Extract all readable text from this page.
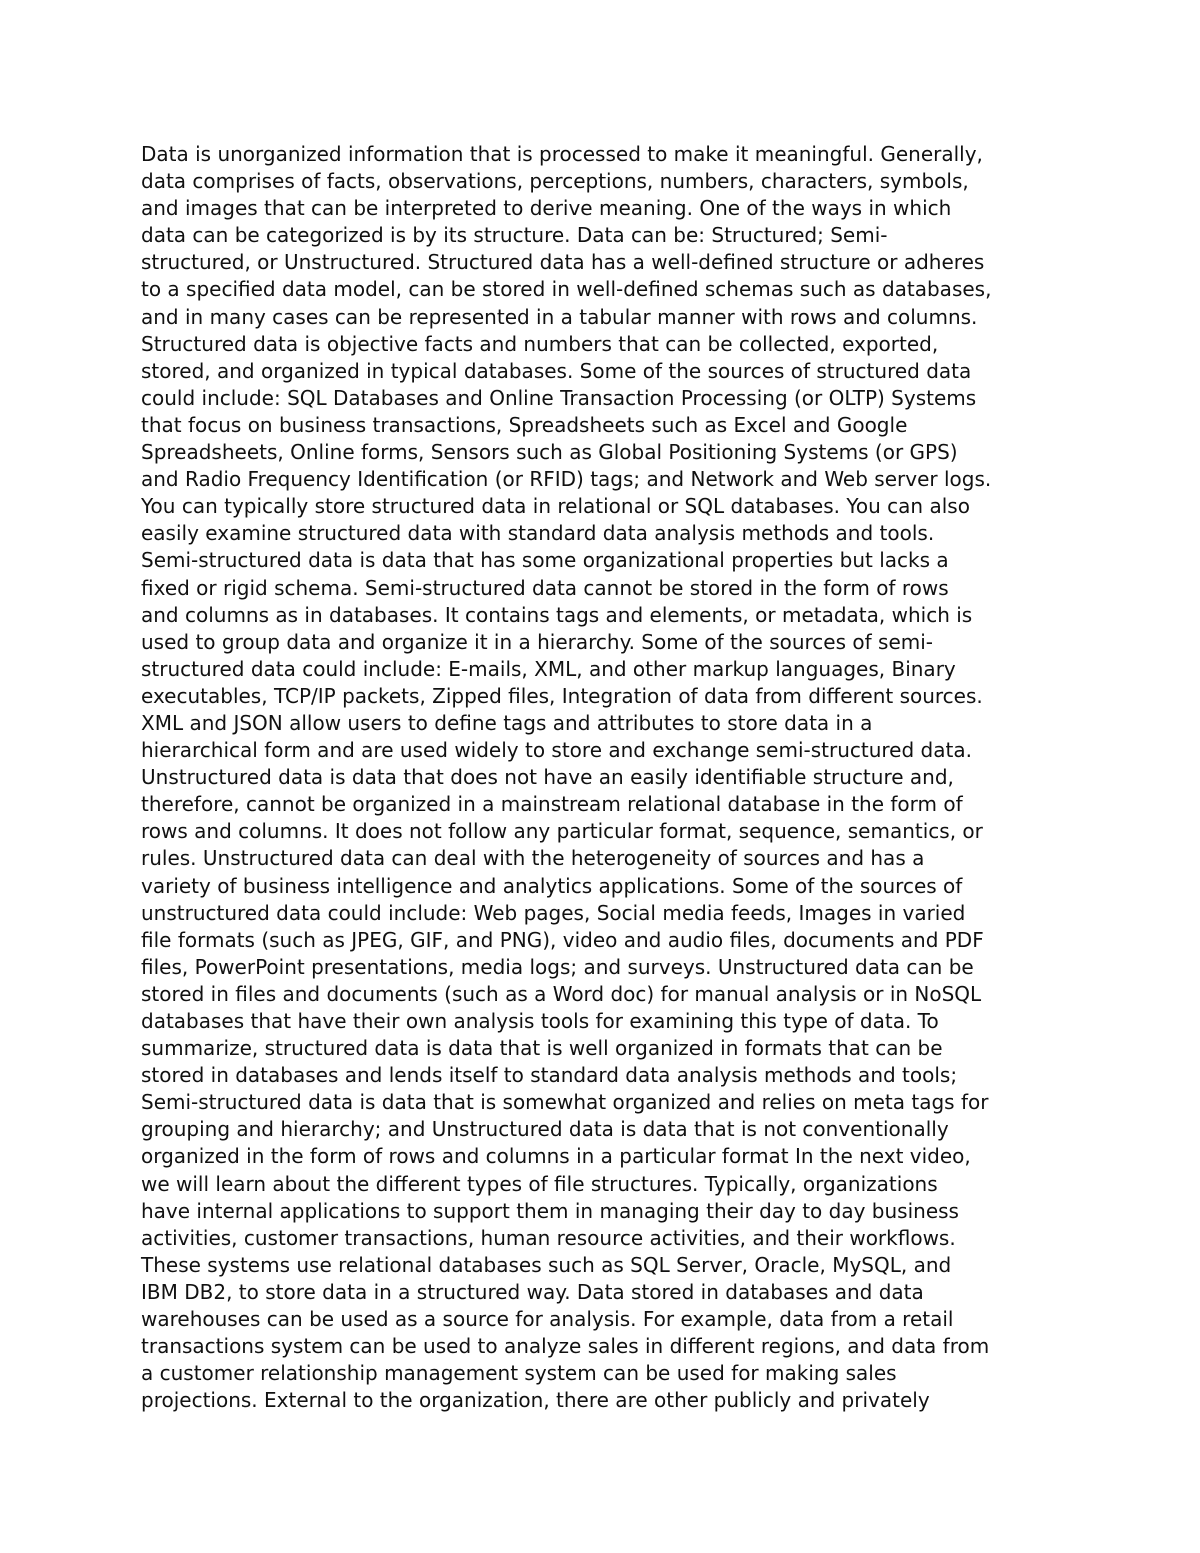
Data is unorganized information that is processed to make it meaningful. Generally,
data comprises of facts, observations, perceptions, numbers, characters, symbols,
and images that can be interpreted to derive meaning. One of the ways in which
data can be categorized is by its structure. Data can be: Structured; Semi-
structured, or Unstructured. Structured data has a well-defined structure or adheres
to a specified data model, can be stored in well-defined schemas such as databases,
and in many cases can be represented in a tabular manner with rows and columns.
Structured data is objective facts and numbers that can be collected, exported,
stored, and organized in typical databases. Some of the sources of structured data
could include: SQL Databases and Online Transaction Processing (or OLTP) Systems
that focus on business transactions, Spreadsheets such as Excel and Google
Spreadsheets, Online forms, Sensors such as Global Positioning Systems (or GPS)
and Radio Frequency Identification (or RFID) tags; and Network and Web server logs.
You can typically store structured data in relational or SQL databases. You can also
easily examine structured data with standard data analysis methods and tools.
Semi-structured data is data that has some organizational properties but lacks a
fixed or rigid schema. Semi-structured data cannot be stored in the form of rows
and columns as in databases. It contains tags and elements, or metadata, which is
used to group data and organize it in a hierarchy. Some of the sources of semi-
structured data could include: E-mails, XML, and other markup languages, Binary
executables, TCP/IP packets, Zipped files, Integration of data from different sources.
XML and JSON allow users to define tags and attributes to store data in a
hierarchical form and are used widely to store and exchange semi-structured data.
Unstructured data is data that does not have an easily identifiable structure and,
therefore, cannot be organized in a mainstream relational database in the form of
rows and columns. It does not follow any particular format, sequence, semantics, or
rules. Unstructured data can deal with the heterogeneity of sources and has a
variety of business intelligence and analytics applications. Some of the sources of
unstructured data could include: Web pages, Social media feeds, Images in varied
file formats (such as JPEG, GIF, and PNG), video and audio files, documents and PDF
files, PowerPoint presentations, media logs; and surveys. Unstructured data can be
stored in files and documents (such as a Word doc) for manual analysis or in NoSQL
databases that have their own analysis tools for examining this type of data. To
summarize, structured data is data that is well organized in formats that can be
stored in databases and lends itself to standard data analysis methods and tools;
Semi-structured data is data that is somewhat organized and relies on meta tags for
grouping and hierarchy; and Unstructured data is data that is not conventionally
organized in the form of rows and columns in a particular format In the next video,
we will learn about the different types of file structures. Typically, organizations
have internal applications to support them in managing their day to day business
activities, customer transactions, human resource activities, and their workflows.
These systems use relational databases such as SQL Server, Oracle, MySQL, and
IBM DB2, to store data in a structured way. Data stored in databases and data
warehouses can be used as a source for analysis. For example, data from a retail
transactions system can be used to analyze sales in different regions, and data from
a customer relationship management system can be used for making sales
projections. External to the organization, there are other publicly and privately
